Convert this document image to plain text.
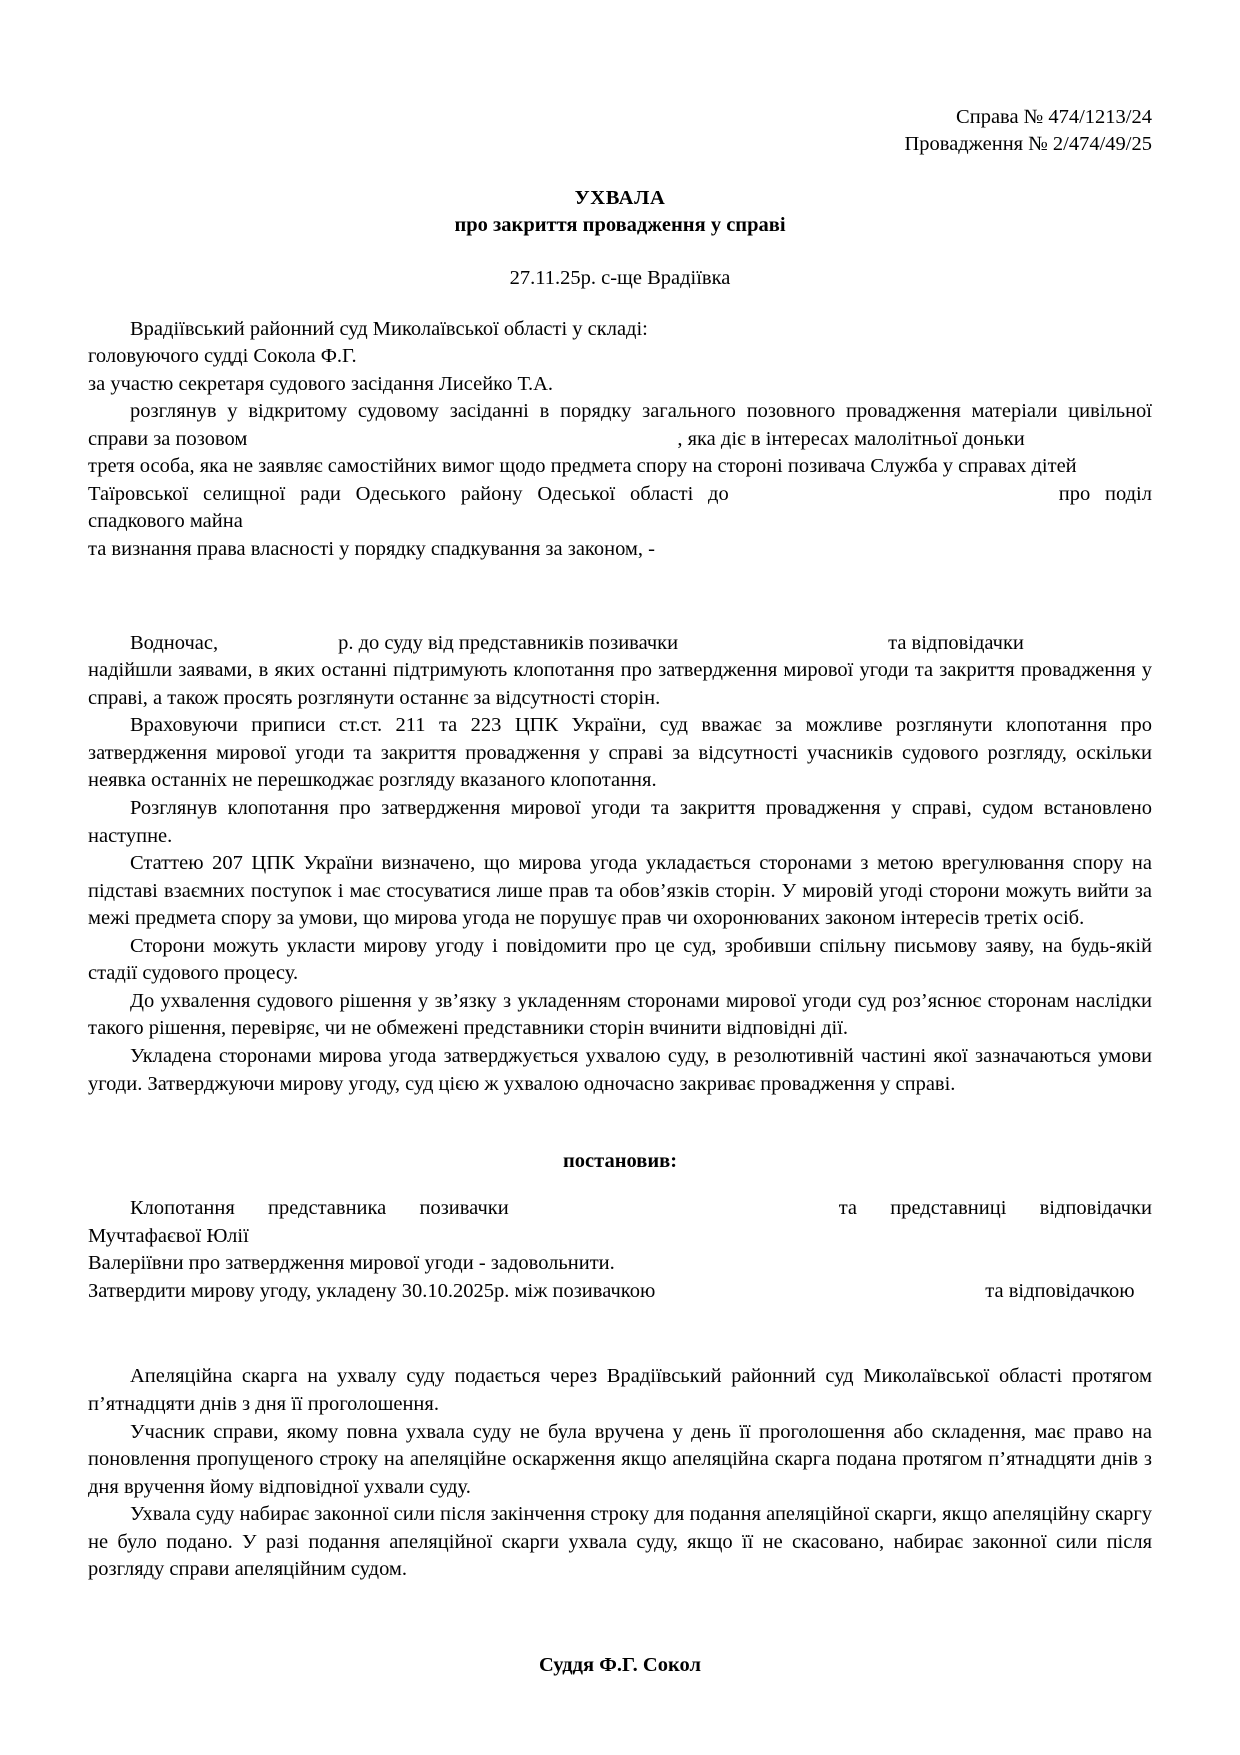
Справа № 474/1213/24
Провадження № 2/474/49/25
УХВАЛА
про закриття провадження у справі
27.11.25р. с-ще Врадіївка

Врадіївський районний суд Миколаївської області у складі:

головуючого судді Сокола Ф.Г.

за участю секретаря судового засідання Лисейко Т.А.

розглянув у відкритому судовому засіданні в порядку загального позовного провадження матеріали цивільної

справи за позовом	, яка діє в інтересах малолітньої доньки

третя особа, яка не заявляє самостійних вимог щодо предмета спору на стороні позивача Служба у справах дітей

Таїровської селищної ради Одеського району Одеської області до	про поділ спадкового майна

та визнання права власності у порядку спадкування за законом, -

Водночас,	р. до суду від представників позивачки	та відповідачки

надійшли заявами, в яких останні підтримують клопотання про затвердження мирової угоди та закриття провадження у справі, а також просять розглянути останнє за відсутності сторін.

Враховуючи приписи ст.ст. 211 та 223 ЦПК України, суд вважає за можливе розглянути клопотання про затвердження мирової угоди та закриття провадження у справі за відсутності учасників судового розгляду, оскільки неявка останніх не перешкоджає розгляду вказаного клопотання.

Розглянув клопотання про затвердження мирової угоди та закриття провадження у справі, судом встановлено наступне.

Статтею 207 ЦПК України визначено, що мирова угода укладається сторонами з метою врегулювання спору на підставі взаємних поступок і має стосуватися лише прав та обов’язків сторін. У мировій угоді сторони можуть вийти за межі предмета спору за умови, що мирова угода не порушує прав чи охоронюваних законом інтересів третіх осіб.

Сторони можуть укласти мирову угоду і повідомити про це суд, зробивши спільну письмову заяву, на будь-якій стадії судового процесу.

До ухвалення судового рішення у зв’язку з укладенням сторонами мирової угоди суд роз’яснює сторонам наслідки такого рішення, перевіряє, чи не обмежені представники сторін вчинити відповідні дії.

Укладена сторонами мирова угода затверджується ухвалою суду, в резолютивній частині якої зазначаються умови угоди. Затверджуючи мирову угоду, суд цією ж ухвалою одночасно закриває провадження у справі.

постановив:

Клопотання представника позивачки	та представниці відповідачки Мучтафаєвої Юлії

Валеріївни про затвердження мирової угоди - задовольнити.

Затвердити мирову угоду, укладену 30.10.2025р. між позивачкою	та відповідачкою

Апеляційна скарга на ухвалу суду подається через Врадіївський районний суд Миколаївської області протягом п’ятнадцяти днів з дня її проголошення.

Учасник справи, якому повна ухвала суду не була вручена у день її проголошення або складення, має право на поновлення пропущеного строку на апеляційне оскарження якщо апеляційна скарга подана протягом п’ятнадцяти днів з дня вручення йому відповідної ухвали суду.

Ухвала суду набирає законної сили після закінчення строку для подання апеляційної скарги, якщо апеляційну скаргу не було подано. У разі подання апеляційної скарги ухвала суду, якщо її не скасовано, набирає законної сили після розгляду справи апеляційним судом.

Суддя Ф.Г. Сокол
